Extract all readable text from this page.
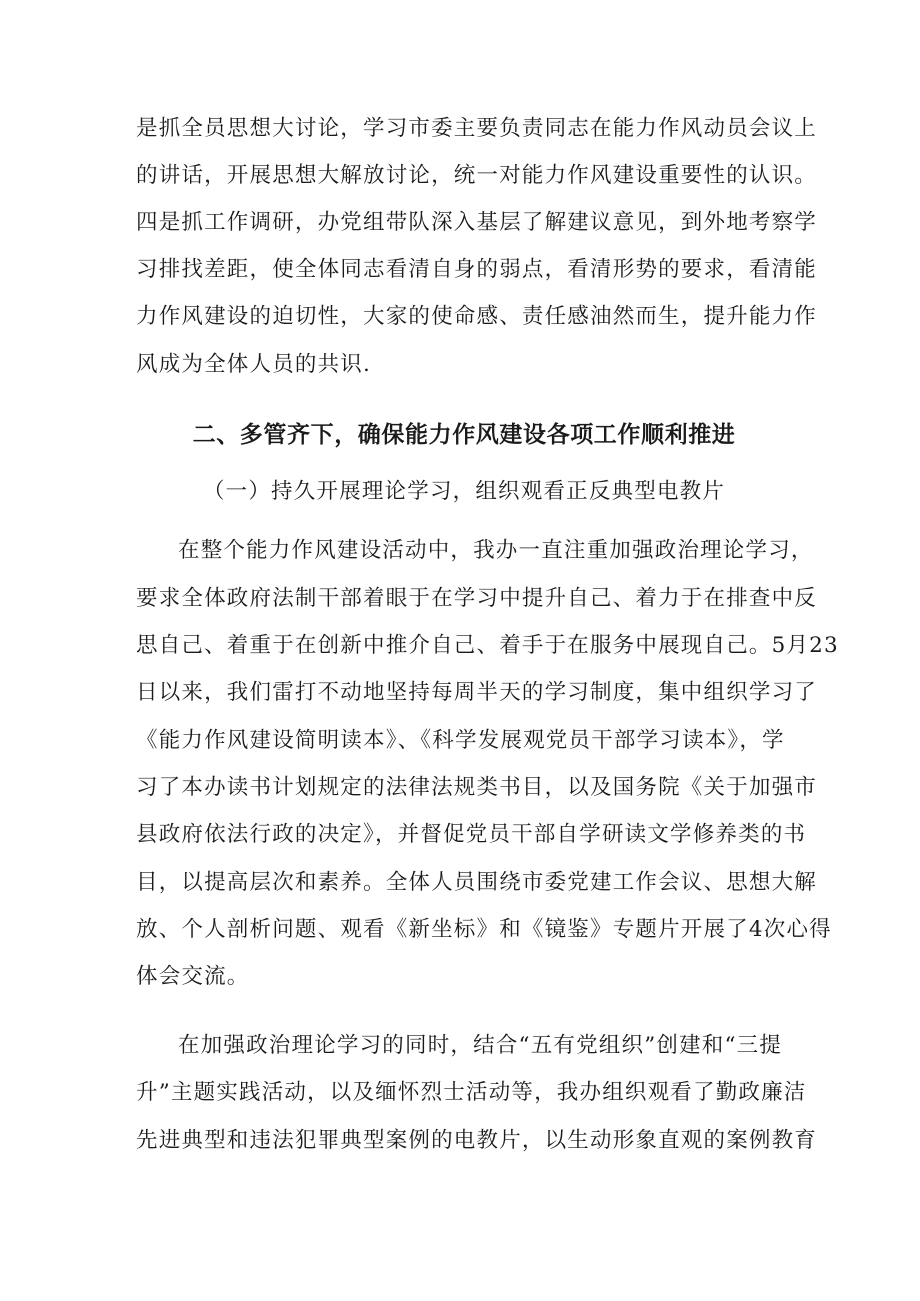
是抓全员思想大讨论，学习市委主要负责同志在能力作风动员会议上
的讲话，开展思想大解放讨论，统一对能力作风建设重要性的认识。
四是抓工作调研，办党组带队深入基层了解建议意见，到外地考察学
习排找差距，使全体同志看清自身的弱点，看清形势的要求，看清能
力作风建设的迫切性，大家的使命感、责任感油然而生，提升能力作
风成为全体人员的共识.
二、多管齐下，确保能力作风建设各项工作顺利推进
（一）持久开展理论学习，组织观看正反典型电教片
在整个能力作风建设活动中，我办一直注重加强政治理论学习，
要求全体政府法制干部着眼于在学习中提升自己、着力于在排查中反
思自己、着重于在创新中推介自己、着手于在服务中展现自己。5月23
日以来，我们雷打不动地坚持每周半天的学习制度，集中组织学习了
《能力作风建设简明读本》、《科学发展观党员干部学习读本》，学
习了本办读书计划规定的法律法规类书目，以及国务院《关于加强市
县政府依法行政的决定》，并督促党员干部自学研读文学修养类的书
目，以提高层次和素养。全体人员围绕市委党建工作会议、思想大解
放、个人剖析问题、观看《新坐标》和《镜鉴》专题片开展了4次心得
体会交流。
在加强政治理论学习的同时，结合“五有党组织”创建和“三提
升”主题实践活动，以及缅怀烈士活动等，我办组织观看了勤政廉洁
先进典型和违法犯罪典型案例的电教片，以生动形象直观的案例教育
